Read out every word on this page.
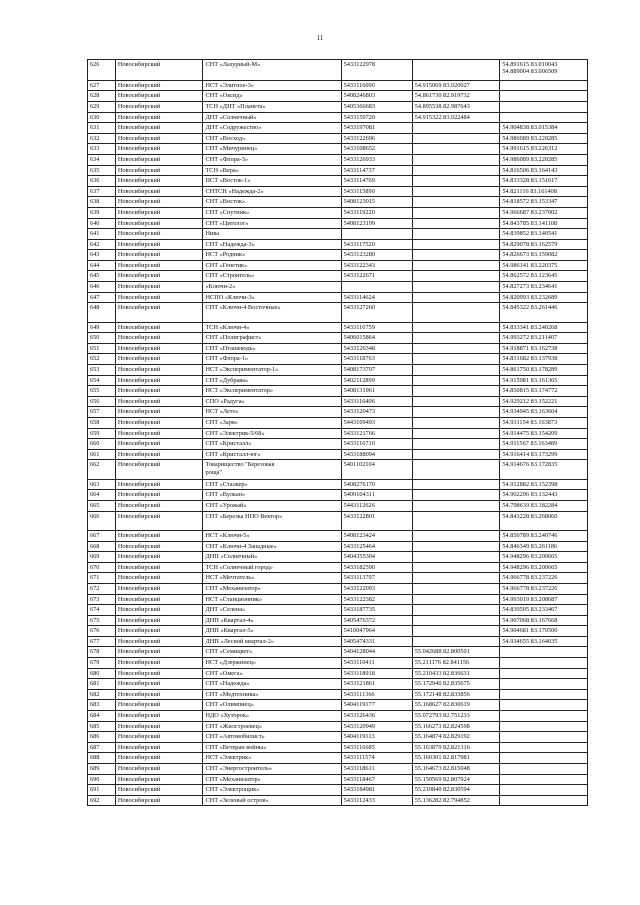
11
626	Новосибирский	СНТ «Лазурный-М»	5433122978		54.891615 83.010043
54.889004 83.006509

627	Новосибирский	НСТ «Элитное-3»	5433116090	54.915069 83.020027	

628	Новосибирский	СНТ «Оксид»	5408246803	54.861730 82.919732	

629	Новосибирский	ТСН «ДНТ «Планета»	5405366683	54.895538 82.987643	

630	Новосибирский	ДНТ «Солнечный»	5433159720	54.915322 83.022484	

631	Новосибирский	ДНТ «Содружество»	5433197081		54.904838 83.015384

632	Новосибирский	СНТ «Восход»	5433122696		54.986089 83.220285

633	Новосибирский	СНТ «Мичуринец»	5433108652		54.991615 83.226312

634	Новосибирский	СНТ «Флора-3»	5433126933		54.986089 83.220285

635	Новосибирский	ТСН «Вера»	5433114737		54.816506 83.164143

636	Новосибирский	НСТ «Восток-1»	5433114769		54.833328 83.151617

637	Новосибирский	СНТСН «Надежда-2»	5433115890		54.821116 83.161408

638	Новосибирский	СНТ «Восток»	5408123015		54.818572 83.153347

639	Новосибирский	СНТ «Спутник»	5433119220		54.966687 83.237002

640	Новосибирский	СНТ «Цитолог»	5408123199		54.843785 83.141108

641	Новосибирский	Нива			54.839852 83.140541

642	Новосибирский	СНТ «Надежда-3»	5433117520		54.829078 83.162579

643	Новосибирский	НСТ «Родник»	5433123280		54.826673 83.159082

644	Новосибирский	СНТ «Генетик»	5433122343		54.986141 83.220375

645	Новосибирский	СНТ «Строитель»	5433122671		54.862572 83.123645

646	Новосибирский	«Ключи-2»			54.827273 83.234641

647	Новосибирский	НСПО «Ключи-3»	5433114624		54.820993 83.232689

648	Новосибирский	СНТ «Ключи-4 Восточные»	5433127260		54.845322 83.261446

649	Новосибирский	ТСН «Ключи-4»	5433116759		54.833341 83.240268

650	Новосибирский	СНТ «Полиграфист»	5406015864		54.993272 83.211407

651	Новосибирский	СНТ «Пташеводь»	5433126348		54.918871 83.162738

652	Новосибирский	СНТ «Флора-1»	5433118763		54.831682 83.137938

653	Новосибирский	НСТ «Экспериментатор-1»	5408173707		54.861750 83.178289

654	Новосибирский	СНТ «Дубрава»	5402112899		54.915981 83.161365

655	Новосибирский	НСТ «Экспериментатор»	5408131961		54.850815 83.174772

656	Новосибирский	СПО «Радуга»	5433116406		54.929212 83.152221

657	Новосибирский	НСТ «Лето»	5433120473		54.934945 83.163604

658	Новосибирский	СНТ «Заря»	5443109493		54.931154 83.163873

659	Новосибирский	СНТ «Электрик-5/68»	5433121766		54.914475 83.154209

660	Новосибирский	СНТ «Кристалл»	5433116710		54.911567 83.163489

661	Новосибирский	СНТ «Кристалл-юг»	5433188094		54.916414 83.173299

662	Новосибирский	Товарищество "Березовая
роща"	5401102104		54.914676 83.172835

663	Новосибирский	СНТ «Сталкер»	5408276170		54.912882 83.152398

664	Новосибирский	СНТ «Вулкан»	5409104311		54.902206 83.132443

665	Новосибирский	СНТ «Урожай»	5443112626		54.798639 83.182284

666	Новосибирский	СНТ «Березка НПО Вектор»	5433122801		54.843228 83.268060

667	Новосибирский	НСТ «Ключи-5»	5408123424		54.850789 83.240746

668	Новосибирский	СНТ «Ключи-4 Западные»	5433125464		54.846349 83.261186

669	Новосибирский	ДНП «Солнечный»	5404355304		54.948296 83.200665

670	Новосибирский	ТСН «Солнечный город»	5433182590		54.948296 83.200665

671	Новосибирский	НСТ «Мечтатель»	5433113797		54.966778 83.237226

672	Новосибирский	СНТ «Механизатор»	5433122093		54.966778 83.237226

673	Новосибирский	НСТ «Станционник»	5433122382		54.993019 83.208687

674	Новосибирский	ДНТ «Селена»	5433187735		54.839505 83.233467

675	Новосибирский	ДНП «Квартал-4»	5405476372		54.907068 83.167668

676	Новосибирский	ДНП «Квартал-5»	5410047964		54.904681 83.170500

677	Новосибирский	ДНП «Лесной квартал-2»	5405474331		54.934655 83.164035

678	Новосибирский	СНТ «Семицвет»	5404128044	55.042688 82.800501	

679	Новосибирский	НСТ «Дзержинец»	5433110411	55.211176 82.841156	

680	Новосибирский	СНТ «Омега»	5433118918	55.210433 82.836631	

681	Новосибирский	СНТ «Надежда»	5433121861	55.172940 82.835675	

682	Новосибирский	СНТ «Медтехника»	5433111366	55.172148 82.833856	

683	Новосибирский	СНТ «Олимпиец»	5404119177	55.168627 82.830619	

684	Новосибирский	НДО «Хуторок»	5433126436	55.072793 82.751233	

685	Новосибирский	СНТ «Жилстроевец»	5433120949	55.166273 82.824598	

686	Новосибирский	СНТ «Автомобилист»	5404119113	55.164874 82.829192	

687	Новосибирский	СНТ «Ветеран войны»	5433116685	55.163879 82.821316	

688	Новосибирский	НСТ «Электрик»	5433111574	55.160301 82.817981	

689	Новосибирский	СНТ «Энергостроитель»	5433118611	55.164673 82.815048	

690	Новосибирский	СНТ «Механизатор»	5433118467	55.150569 82.807924	

691	Новосибирский	СНТ «Электрощик»	5433184981	55.210840 82.830594	

692	Новосибирский	СНТ «Зеленый остров»	5433112433	55.136282 82.794852	
